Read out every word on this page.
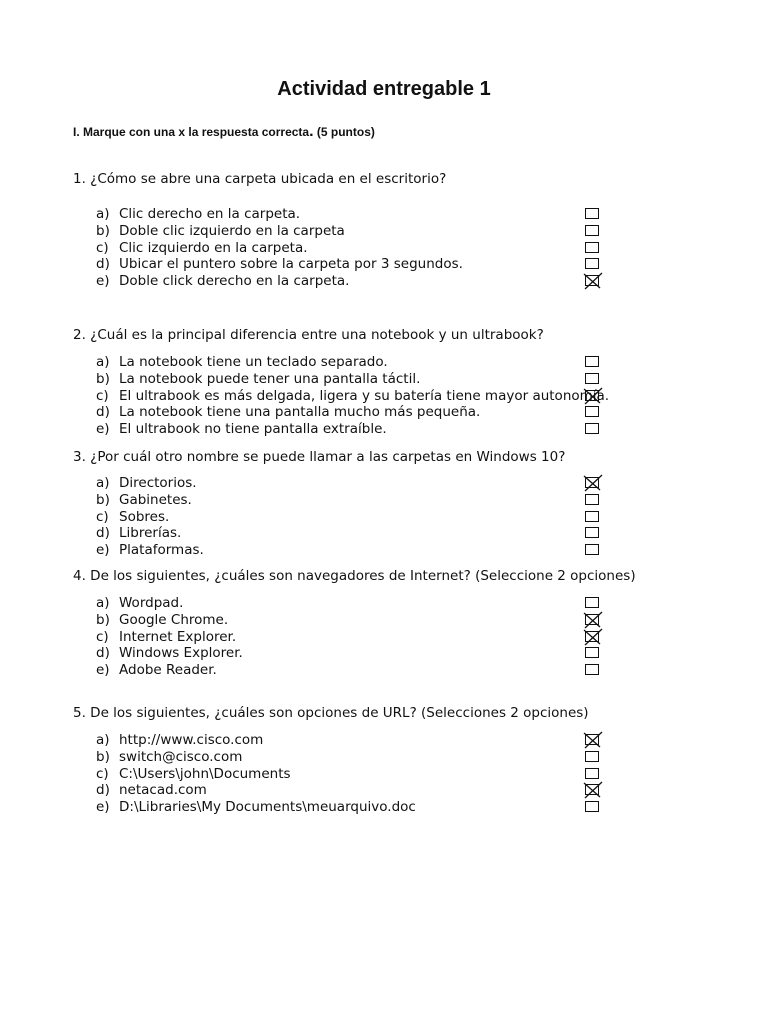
Actividad entregable 1
I. Marque con una x la respuesta correcta. (5 puntos)
1. ¿Cómo se abre una carpeta ubicada en el escritorio?
a) Clic derecho en la carpeta.
b) Doble clic izquierdo en la carpeta
c) Clic izquierdo en la carpeta.
d) Ubicar el puntero sobre la carpeta por 3 segundos.
e) Doble click derecho en la carpeta.
2. ¿Cuál es la principal diferencia entre una notebook y un ultrabook?
a) La notebook tiene un teclado separado.
b) La notebook puede tener una pantalla táctil.
c) El ultrabook es más delgada, ligera y su batería tiene mayor autonomía.
d) La notebook tiene una pantalla mucho más pequeña.
e) El ultrabook no tiene pantalla extraíble.
3. ¿Por cuál otro nombre se puede llamar a las carpetas en Windows 10?
a) Directorios.
b) Gabinetes.
c) Sobres.
d) Librerías.
e) Plataformas.
4. De los siguientes, ¿cuáles son navegadores de Internet? (Seleccione 2 opciones)
a) Wordpad.
b) Google Chrome.
c) Internet Explorer.
d) Windows Explorer.
e) Adobe Reader.
5. De los siguientes, ¿cuáles son opciones de URL? (Selecciones 2 opciones)
a) http://www.cisco.com
b) switch@cisco.com
c) C:\Users\john\Documents
d) netacad.com
e) D:\Libraries\My Documents\meuarquivo.doc
